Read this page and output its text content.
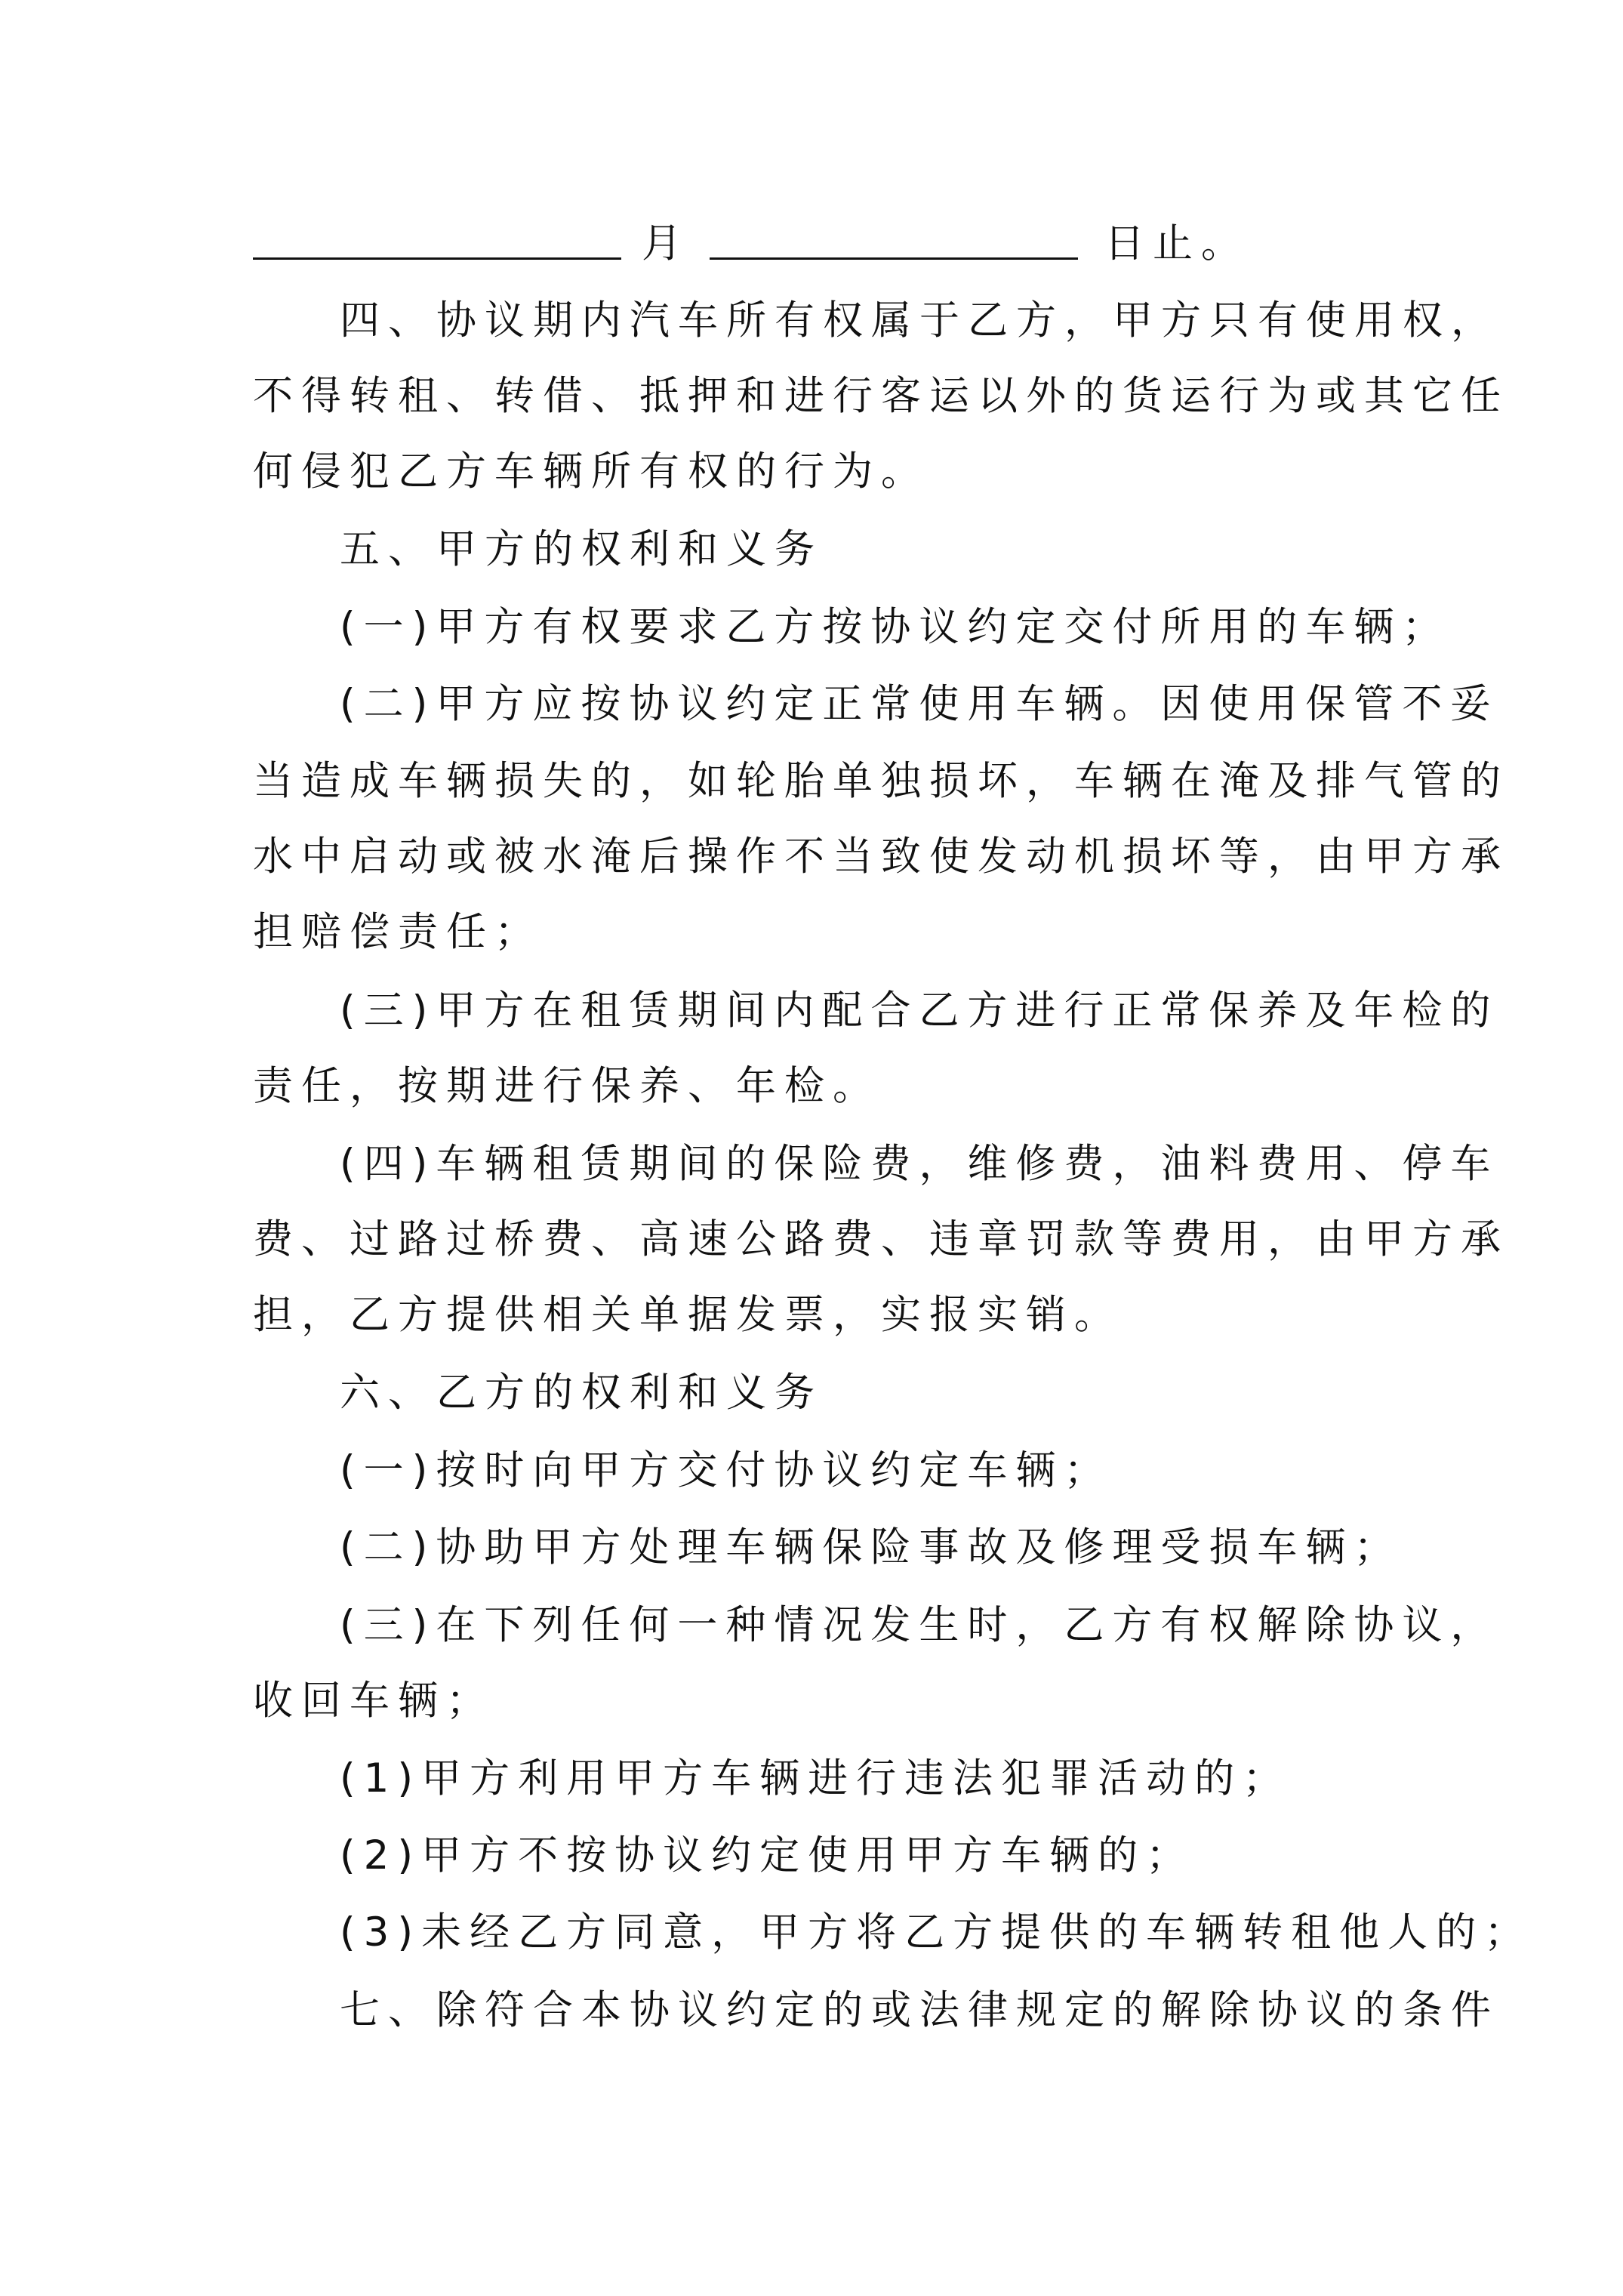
月	日止。
四、协议期内汽车所有权属于乙方，甲方只有使用权，
不得转租、转借、抵押和进行客运以外的货运行为或其它任
何侵犯乙方车辆所有权的行为。
五、甲方的权利和义务
(一)甲方有权要求乙方按协议约定交付所用的车辆；
(二)甲方应按协议约定正常使用车辆。因使用保管不妥
当造成车辆损失的，如轮胎单独损坏，车辆在淹及排气管的
水中启动或被水淹后操作不当致使发动机损坏等，由甲方承
担赔偿责任；
(三)甲方在租赁期间内配合乙方进行正常保养及年检的
责任，按期进行保养、年检。
(四)车辆租赁期间的保险费，维修费，油料费用、停车
费、过路过桥费、高速公路费、违章罚款等费用，由甲方承
担，乙方提供相关单据发票，实报实销。
六、乙方的权利和义务
(一)按时向甲方交付协议约定车辆；
(二)协助甲方处理车辆保险事故及修理受损车辆；
(三)在下列任何一种情况发生时，乙方有权解除协议，
收回车辆；
(1)甲方利用甲方车辆进行违法犯罪活动的；
(2)甲方不按协议约定使用甲方车辆的；
(3)未经乙方同意，甲方将乙方提供的车辆转租他人的；
七、除符合本协议约定的或法律规定的解除协议的条件
